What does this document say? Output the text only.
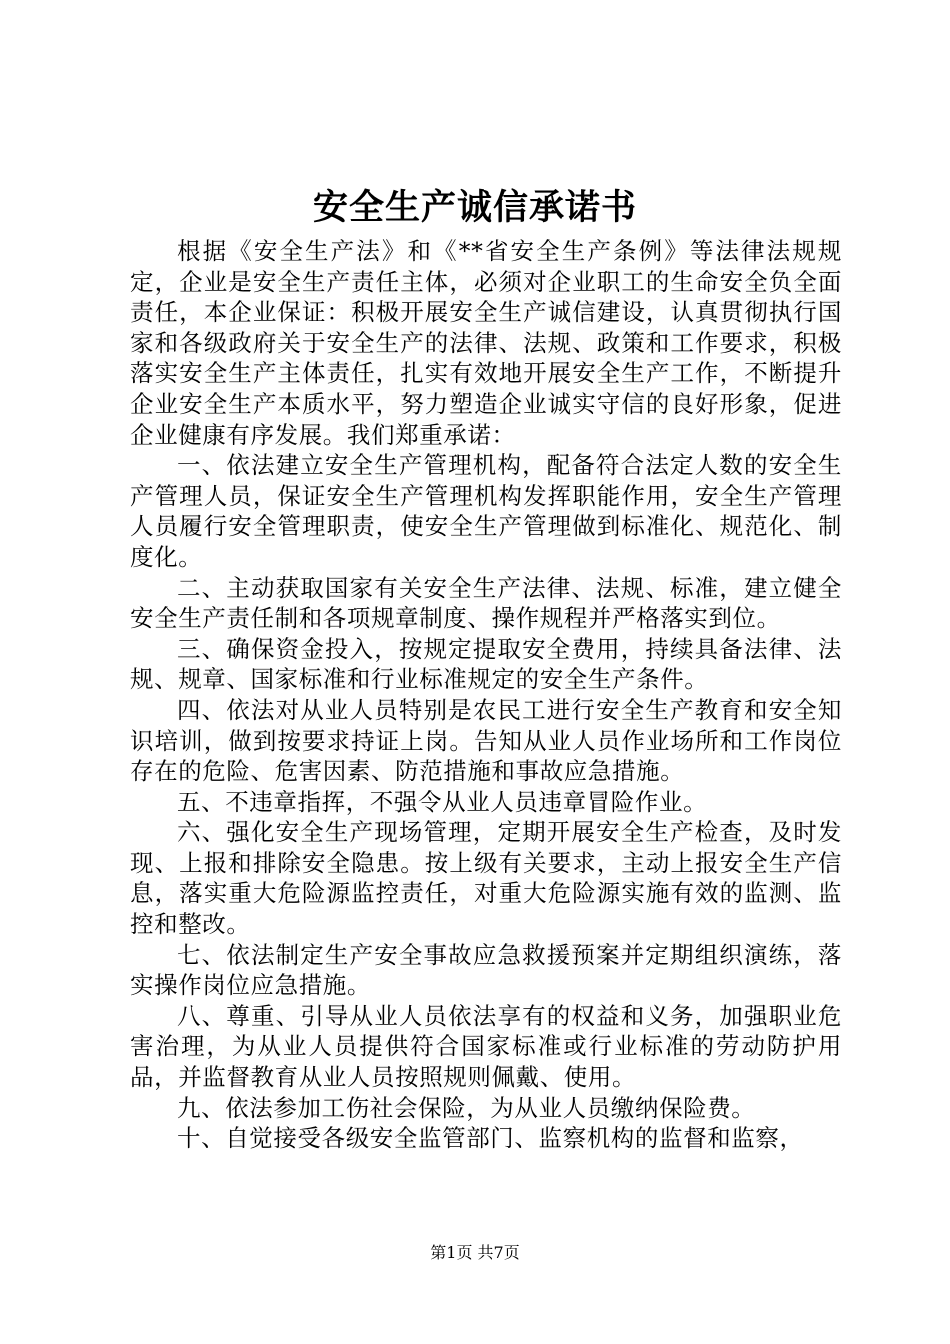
安全生产诚信承诺书

根据《安全生产法》和《**省安全生产条例》等法律法规规定，企业是安全生产责任主体，必须对企业职工的生命安全负全面责任，本企业保证：积极开展安全生产诚信建设，认真贯彻执行国家和各级政府关于安全生产的法律、法规、政策和工作要求，积极落实安全生产主体责任，扎实有效地开展安全生产工作，不断提升企业安全生产本质水平，努力塑造企业诚实守信的良好形象，促进企业健康有序发展。我们郑重承诺：

一、依法建立安全生产管理机构，配备符合法定人数的安全生产管理人员，保证安全生产管理机构发挥职能作用，安全生产管理人员履行安全管理职责，使安全生产管理做到标准化、规范化、制度化。

二、主动获取国家有关安全生产法律、法规、标准，建立健全安全生产责任制和各项规章制度、操作规程并严格落实到位。

三、确保资金投入，按规定提取安全费用，持续具备法律、法规、规章、国家标准和行业标准规定的安全生产条件。

四、依法对从业人员特别是农民工进行安全生产教育和安全知识培训，做到按要求持证上岗。告知从业人员作业场所和工作岗位存在的危险、危害因素、防范措施和事故应急措施。

五、不违章指挥，不强令从业人员违章冒险作业。

六、强化安全生产现场管理，定期开展安全生产检查，及时发现、上报和排除安全隐患。按上级有关要求，主动上报安全生产信息，落实重大危险源监控责任，对重大危险源实施有效的监测、监控和整改。

七、依法制定生产安全事故应急救援预案并定期组织演练，落实操作岗位应急措施。

八、尊重、引导从业人员依法享有的权益和义务，加强职业危害治理，为从业人员提供符合国家标准或行业标准的劳动防护用品，并监督教育从业人员按照规则佩戴、使用。

九、依法参加工伤社会保险，为从业人员缴纳保险费。

十、自觉接受各级安全监管部门、监察机构的监督和监察，

第1页 共7页
